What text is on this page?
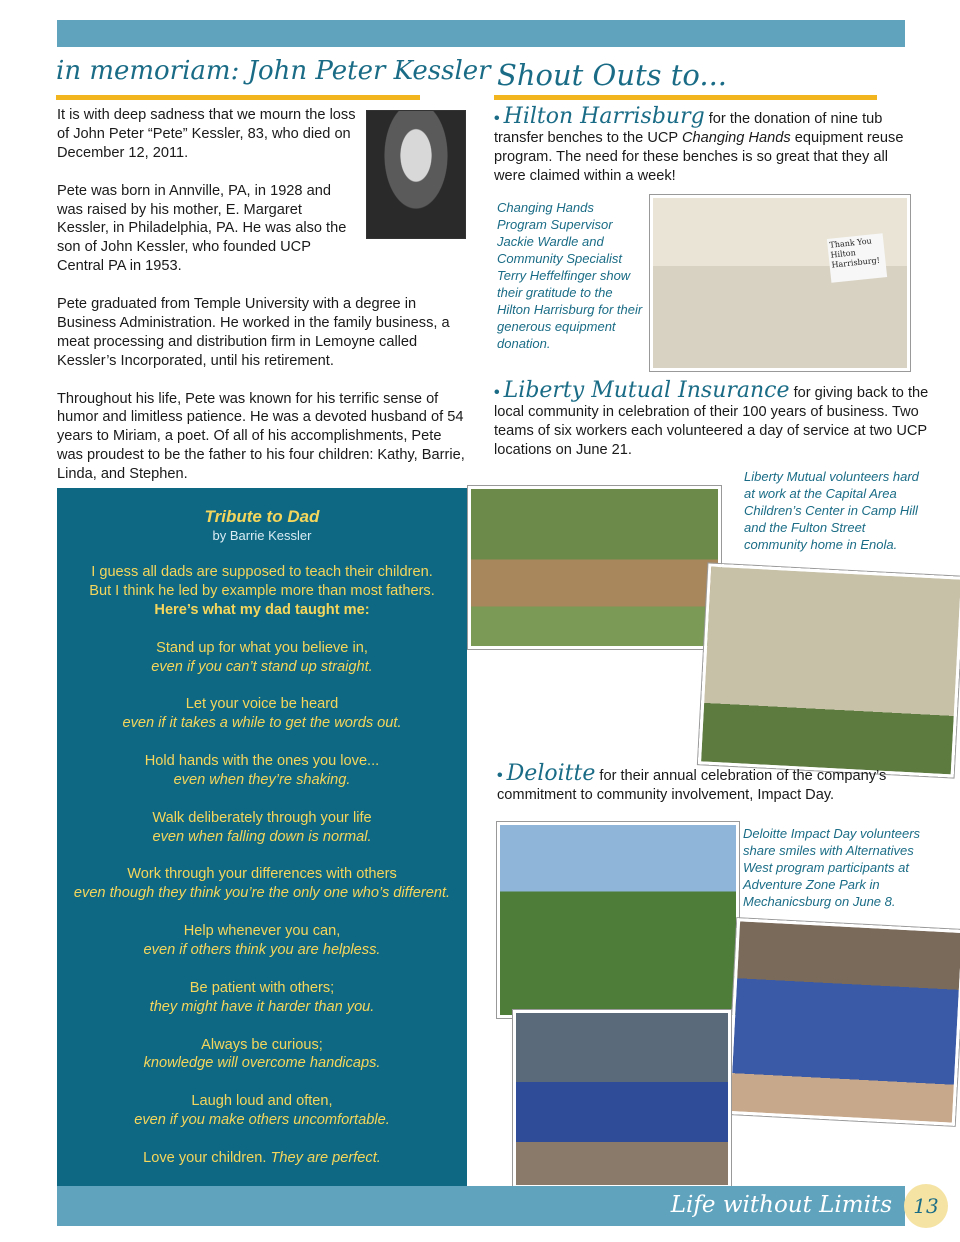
in memoriam: John Peter Kessler

It is with deep sadness that we mourn the loss of John Peter “Pete” Kessler, 83, who died on December 12, 2011.

Pete was born in Annville, PA, in 1928 and was raised by his mother, E. Margaret Kessler, in Philadelphia, PA. He was also the son of John Kessler, who founded UCP Central PA in 1953.

Pete graduated from Temple University with a degree in Business Administration. He worked in the family business, a meat processing and distribution firm in Lemoyne called Kessler’s Incorporated, until his retirement.

Throughout his life, Pete was known for his terrific sense of humor and limitless patience. He was a devoted husband of 54 years to Miriam, a poet. Of all of his accomplishments, Pete was proudest to be the father to his four children: Kathy, Barrie, Linda, and Stephen.

Tribute to Dad
by Barrie Kessler
I guess all dads are supposed to teach their children.
But I think he led by example more than most fathers.
Here’s what my dad taught me:
Stand up for what you believe in,
even if you can’t stand up straight.
Let your voice be heard
even if it takes a while to get the words out.
Hold hands with the ones you love...
even when they’re shaking.
Walk deliberately through your life
even when falling down is normal.
Work through your differences with others
even though they think you’re the only one who’s different.
Help whenever you can,
even if others think you are helpless.
Be patient with others;
they might have it harder than you.
Always be curious;
knowledge will overcome handicaps.
Laugh loud and often,
even if you make others uncomfortable.
Love your children. They are perfect.
Shout Outs to...
• Hilton Harrisburg for the donation of nine tub transfer benches to the UCP Changing Hands equipment reuse program. The need for these benches is so great that they all were claimed within a week!
Changing Hands Program Supervisor Jackie Wardle and Community Specialist Terry Heffelfinger show their gratitude to the Hilton Harrisburg for their generous equipment donation.
Thank You Hilton Harrisburg!
• Liberty Mutual Insurance for giving back to the local community in celebration of their 100 years of business. Two teams of six workers each volunteered a day of service at two UCP locations on June 21.
Liberty Mutual volunteers hard at work at the Capital Area Children’s Center in Camp Hill and the Fulton Street community home in Enola.
• Deloitte for their annual celebration of the company’s commitment to community involvement, Impact Day.
Deloitte Impact Day volunteers share smiles with Alternatives West program participants at Adventure Zone Park in Mechanicsburg on June 8.
Life without Limits	13
